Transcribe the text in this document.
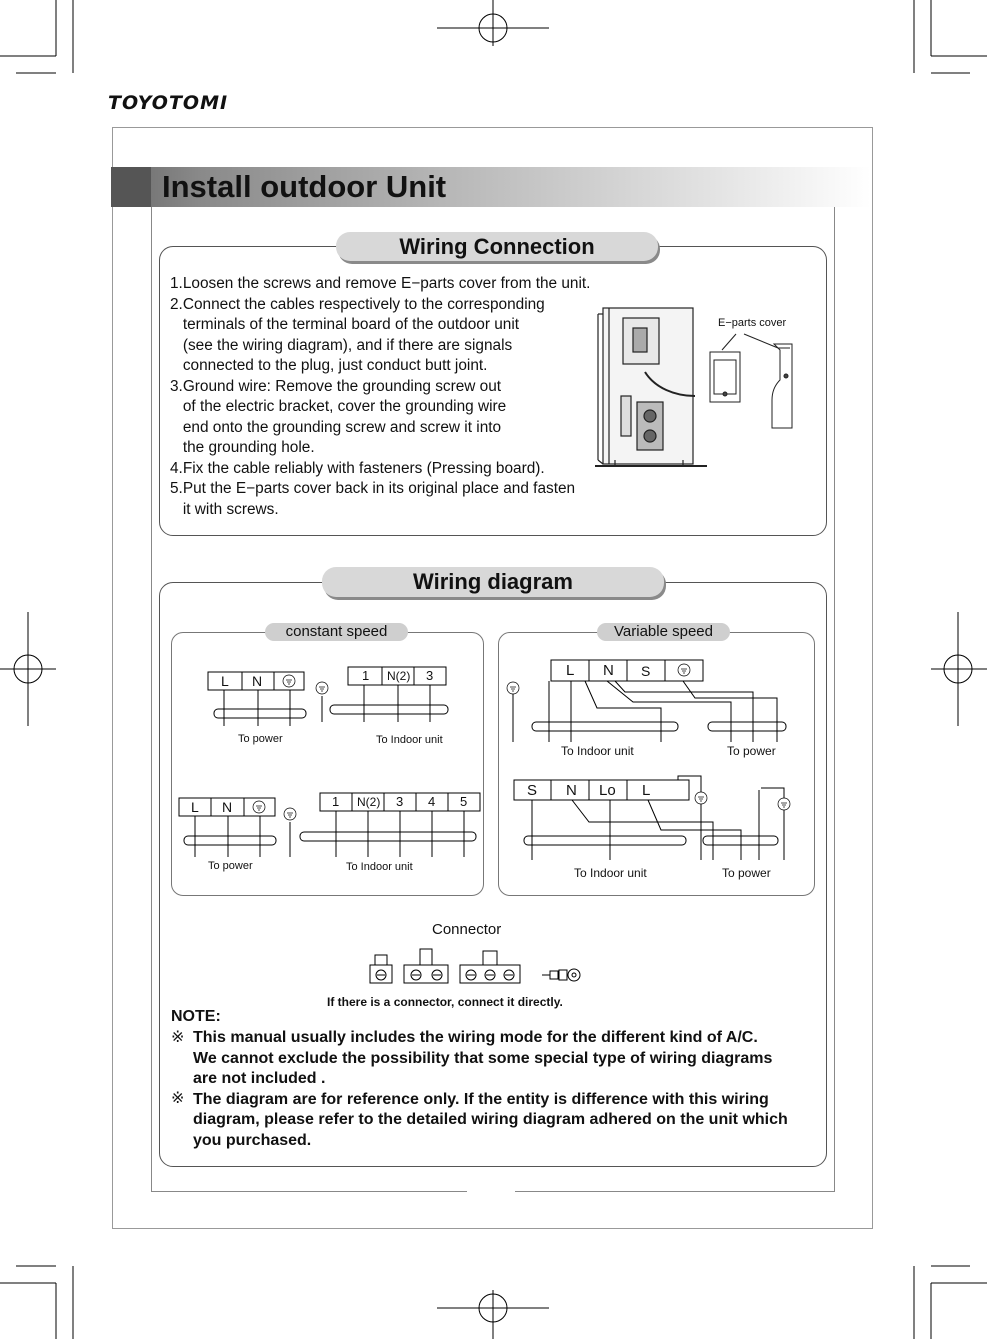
TOYOTOMI
Install outdoor Unit
Wiring Connection
1.Loosen the screws and remove E−parts cover from the unit.
2.Connect the cables respectively to the corresponding
terminals of the terminal board of the outdoor unit
(see the wiring diagram), and if there are signals
connected to the plug, just conduct butt joint.
3.Ground wire: Remove the grounding screw out
of the electric bracket, cover the grounding wire
end onto the grounding screw and screw it into
the grounding hole.
4.Fix the cable reliably with fasteners (Pressing board).
5.Put the E−parts cover back in its original place and fasten
it with screws.
E−parts cover
Wiring diagram
constant speed
L N	1 N(2) 3
To power	To Indoor unit
L N	1 N(2) 3 4 5
To power	To Indoor unit
Variable speed
L N S
To Indoor unit	To power
S N Lo L
To Indoor unit	To power
Connector
If there is a connector, connect it directly.
NOTE:
※
※
This manual usually includes the wiring mode for the different kind of A/C.
We cannot exclude the possibility that some special type of wiring diagrams
are not included .
The diagram are for reference only. If the entity is difference with this wiring
diagram, please refer to the detailed wiring diagram adhered on the unit which
you purchased.
